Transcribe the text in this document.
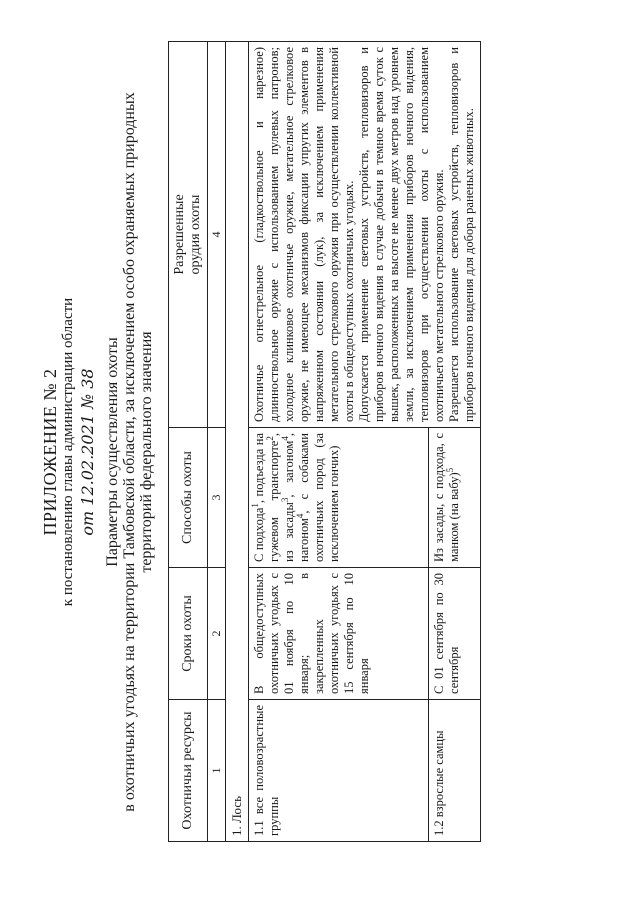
ПРИЛОЖЕНИЕ № 2 к постановлению главы администрации области от 12.02.2021 № 38 Параметры осуществления охоты в охотничьих угодьях на территории Тамбовской области, за исключением особо охраняемых природных территорий федерального значения
Охотничьи ресурсы	Сроки охоты	Способы охоты	Разрешенные орудия охоты

1	2	3	4
1. Лось			
1.1 все половозрастные группы	В общедоступных охотничьих угодьях с 01 ноября по 10 января; в закрепленных охотничьих угодьях с 15 сентября по 10 января	С подхода$^1$, подъезда на гужевом транспорте$^2$, из засады$^3$, загоном$^4$, нагоном$^4$, с собаками охотничьих пород (за исключением гончих)	Охотничье огнестрельное (гладкоствольное и нарезное) длинноствольное оружие с использованием пулевых патронов; холодное клинковое охотничье оружие, метательное стрелковое оружие, не имеющее механизмов фиксации упругих элементов в напряженном состоянии (лук), за исключением применения метательного стрелкового оружия при осуществлении коллективной охоты в общедоступных охотничьих угодьях. Допускается применение световых устройств, тепловизоров и приборов ночного видения в случае добычи в темное время суток с вышек, расположенных на высоте не менее двух метров над уровнем земли, за исключением применения приборов ночного видения, тепловизоров при осуществлении охоты с использованием охотничьего метательного стрелкового оружия. Разрешается использование световых устройств, тепловизоров и приборов ночного видения для добора раненых животных.

1.2 взрослые самцы	С 01 сентября по 30 сентября	Из засады, с подхода, с манком (на вабу)$^5$
